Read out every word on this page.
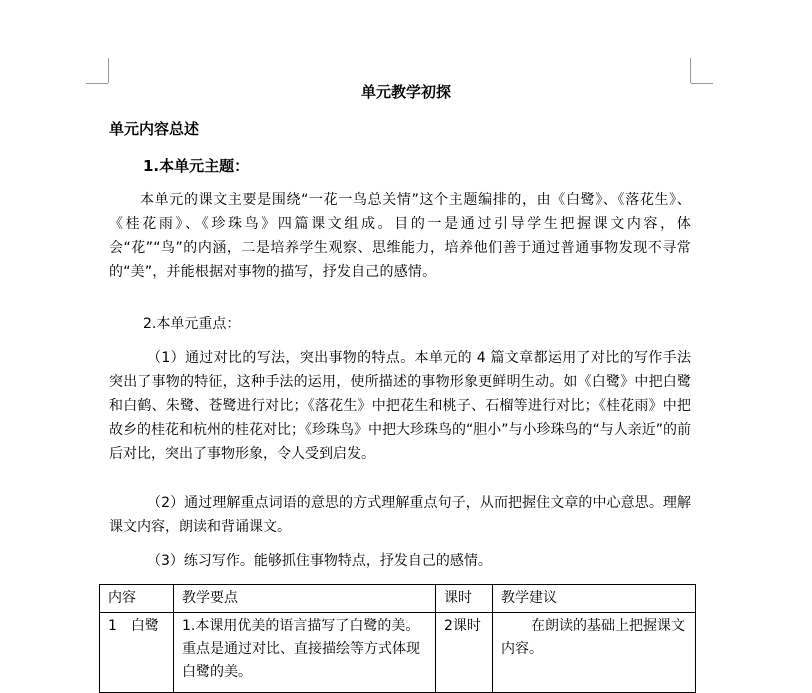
单元教学初探
单元内容总述
1.本单元主题：
本单元的课文主要是围绕“一花一鸟总关情”这个主题编排的，由《白鹭》、《落花生》、《桂花雨》、《珍珠鸟》四篇课文组成。目的一是通过引导学生把握课文内容，体会“花”“鸟”的内涵，二是培养学生观察、思维能力，培养他们善于通过普通事物发现不寻常的“美”，并能根据对事物的描写，抒发自己的感情。
2.本单元重点：
（1）通过对比的写法，突出事物的特点。本单元的 4 篇文章都运用了对比的写作手法突出了事物的特征，这种手法的运用，使所描述的事物形象更鲜明生动。如《白鹭》中把白鹭和白鹤、朱鹭、苍鹭进行对比；《落花生》中把花生和桃子、石榴等进行对比；《桂花雨》中把故乡的桂花和杭州的桂花对比；《珍珠鸟》中把大珍珠鸟的“胆小”与小珍珠鸟的“与人亲近”的前后对比，突出了事物形象，令人受到启发。
（2）通过理解重点词语的意思的方式理解重点句子，从而把握住文章的中心意思。理解课文内容，朗读和背诵课文。
（3）练习写作。能够抓住事物特点，抒发自己的感情。
内容	教学要点	课时	教学建议
1　白鹭	1.本课用优美的语言描写了白鹭的美。重点是通过对比、直接描绘等方式体现白鹭的美。	2课时	在朗读的基础上把握课文内容。
